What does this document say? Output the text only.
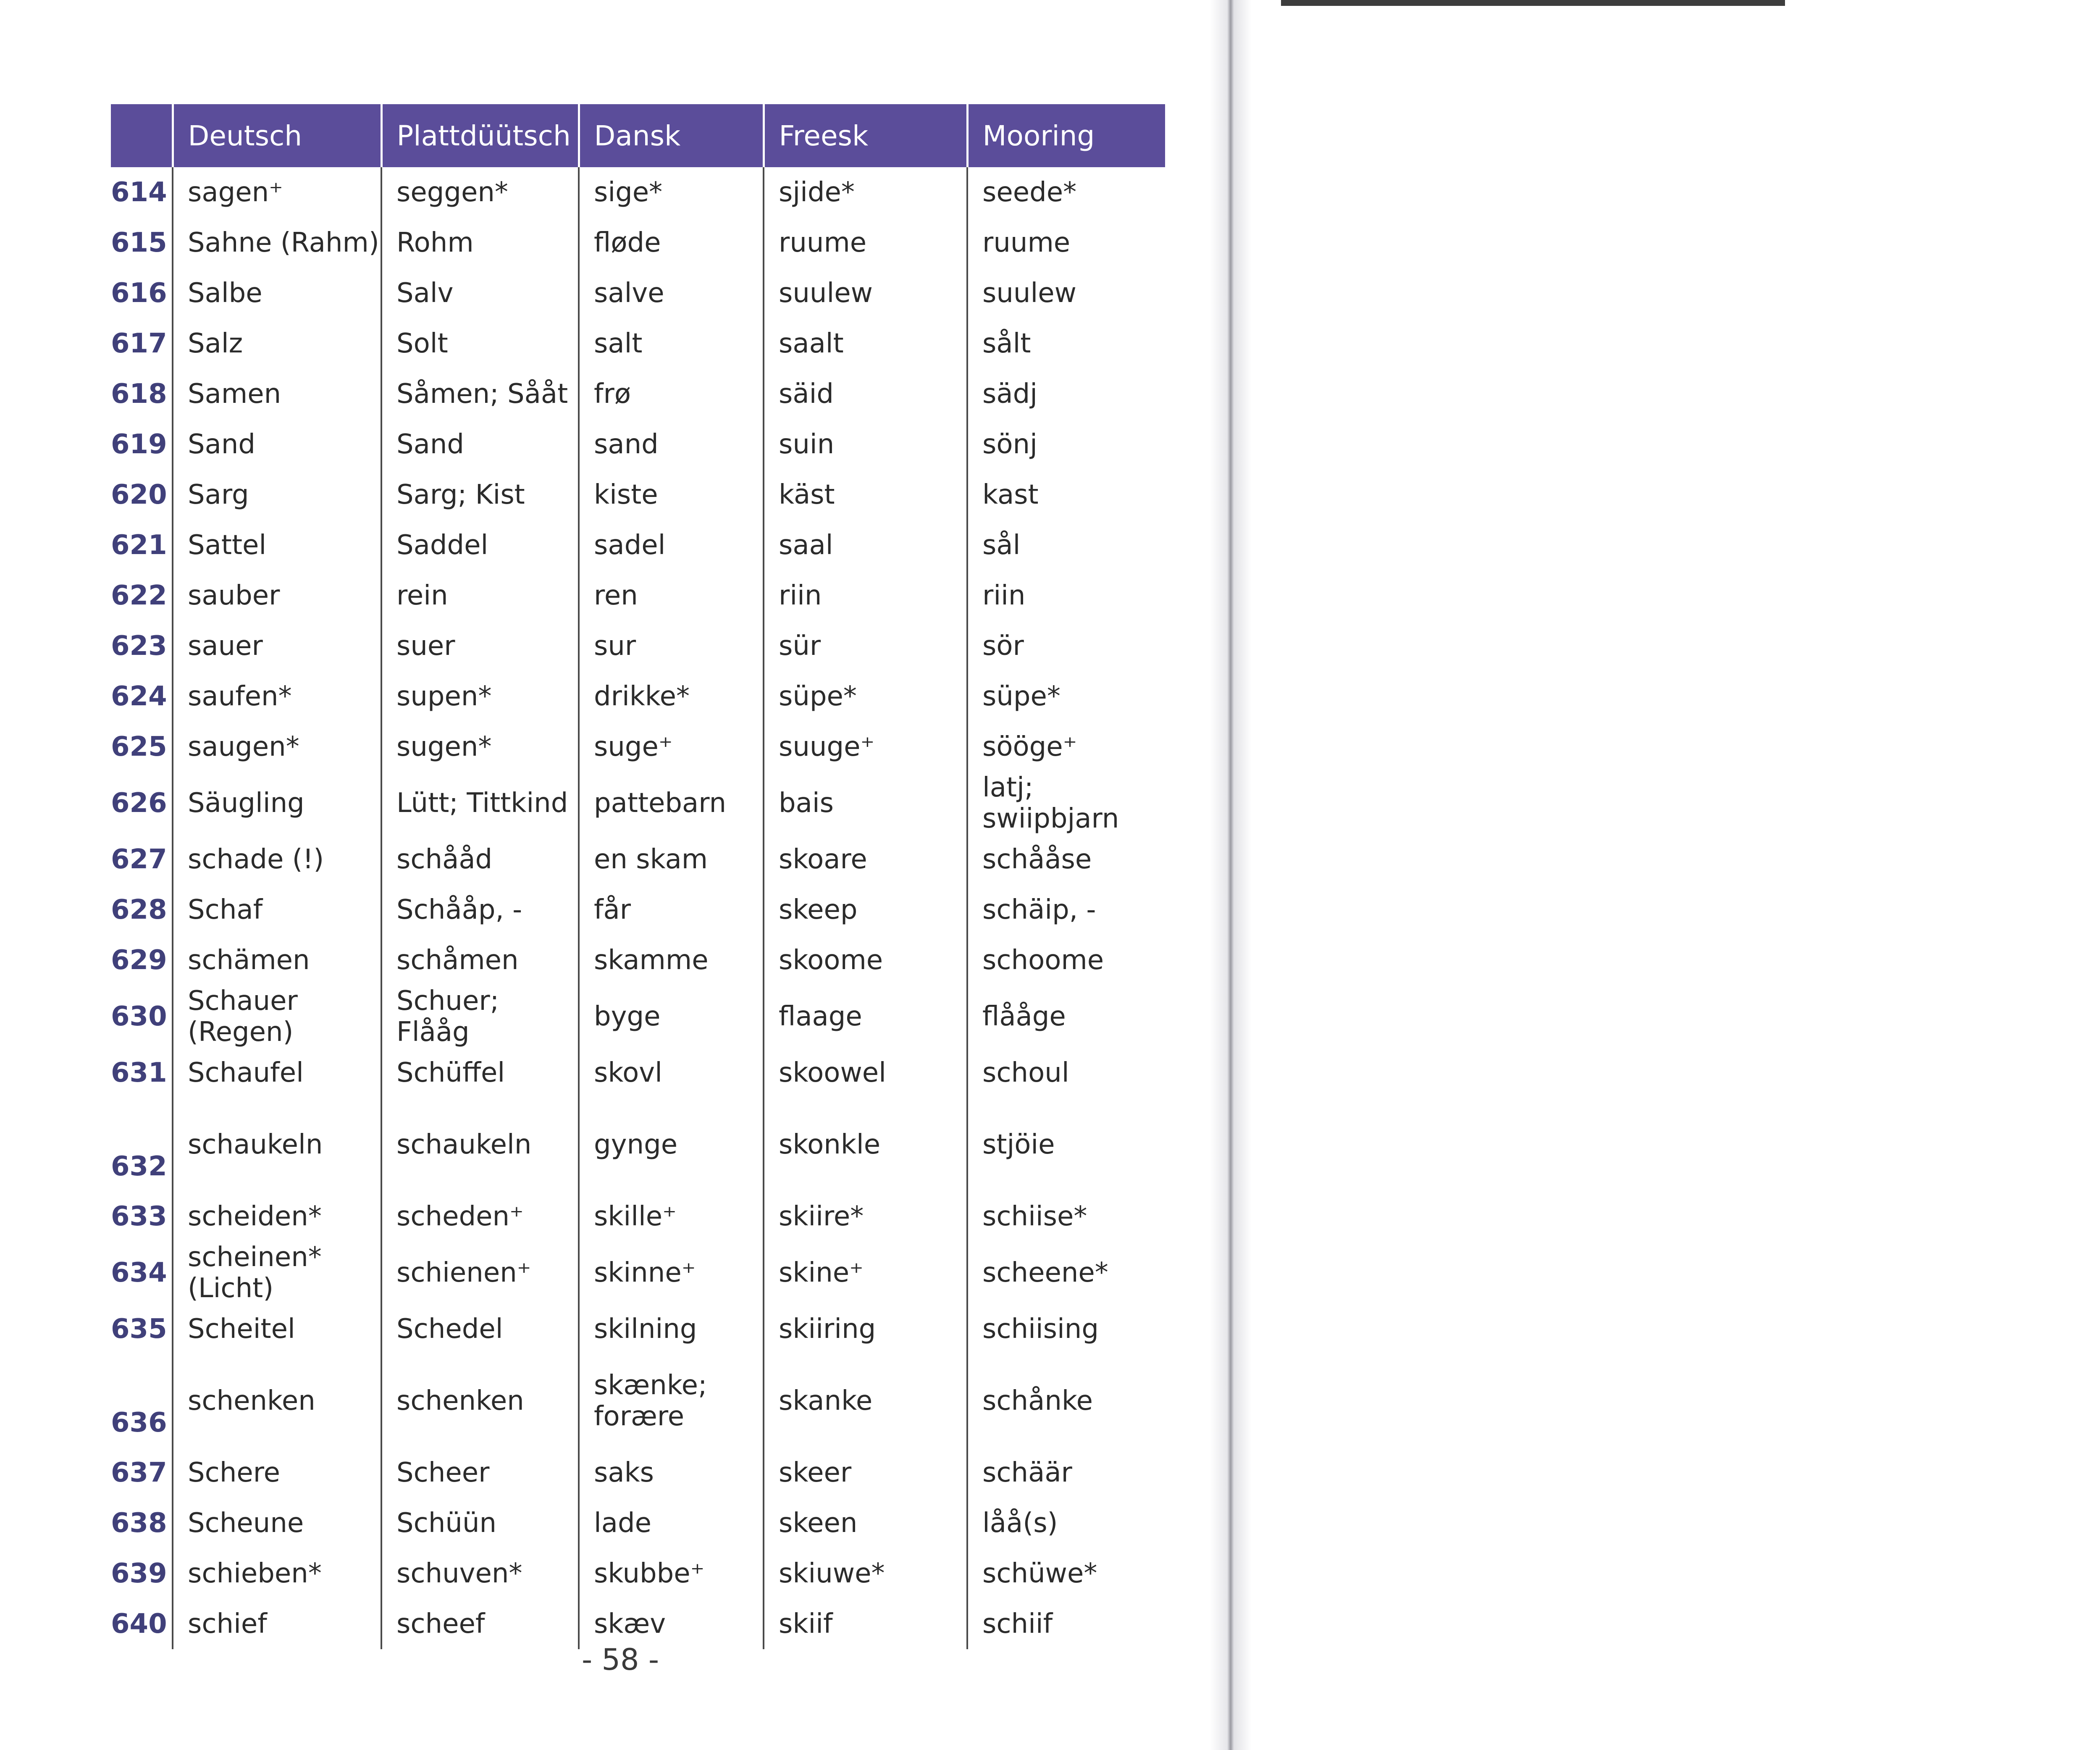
	Deutsch	Plattdüütsch	Dansk	Freesk	Mooring
614	sagen⁺	seggen*	sige*	sjide*	seede*
615	Sahne (Rahm)	Rohm	fløde	ruume	ruume
616	Salbe	Salv	salve	suulew	suulew
617	Salz	Solt	salt	saalt	sålt
618	Samen	Såmen; Sååt	frø	säid	sädj
619	Sand	Sand	sand	suin	sönj
620	Sarg	Sarg; Kist	kiste	käst	kast
621	Sattel	Saddel	sadel	saal	sål
622	sauber	rein	ren	riin	riin
623	sauer	suer	sur	sür	sör
624	saufen*	supen*	drikke*	süpe*	süpe*
625	saugen*	sugen*	suge⁺	suuge⁺	sööge⁺
626	Säugling	Lütt; Tittkind	pattebarn	bais	latj; swiipbjarn
627	schade (!)	schååd	en skam	skoare	schååse
628	Schaf	Schååp, -	får	skeep	schäip, -
629	schämen	schåmen	skamme	skoome	schoome
630	Schauer (Regen)	Schuer; Flååg	byge	flaage	flååge
631	Schaufel	Schüffel	skovl	skoowel	schoul
632	schaukeln	schaukeln	gynge	skonkle	stjöie
633	scheiden*	scheden⁺	skille⁺	skiire*	schiise*
634	scheinen* (Licht)	schienen⁺	skinne⁺	skine⁺	scheene*
635	Scheitel	Schedel	skilning	skiiring	schiising
636	schenken	schenken	skænke; forære	skanke	schånke
637	Schere	Scheer	saks	skeer	schäär
638	Scheune	Schüün	lade	skeen	låå(s)
639	schieben*	schuven*	skubbe⁺	skiuwe*	schüwe*
640	schief	scheef	skæv	skiif	schiif
- 58 -
